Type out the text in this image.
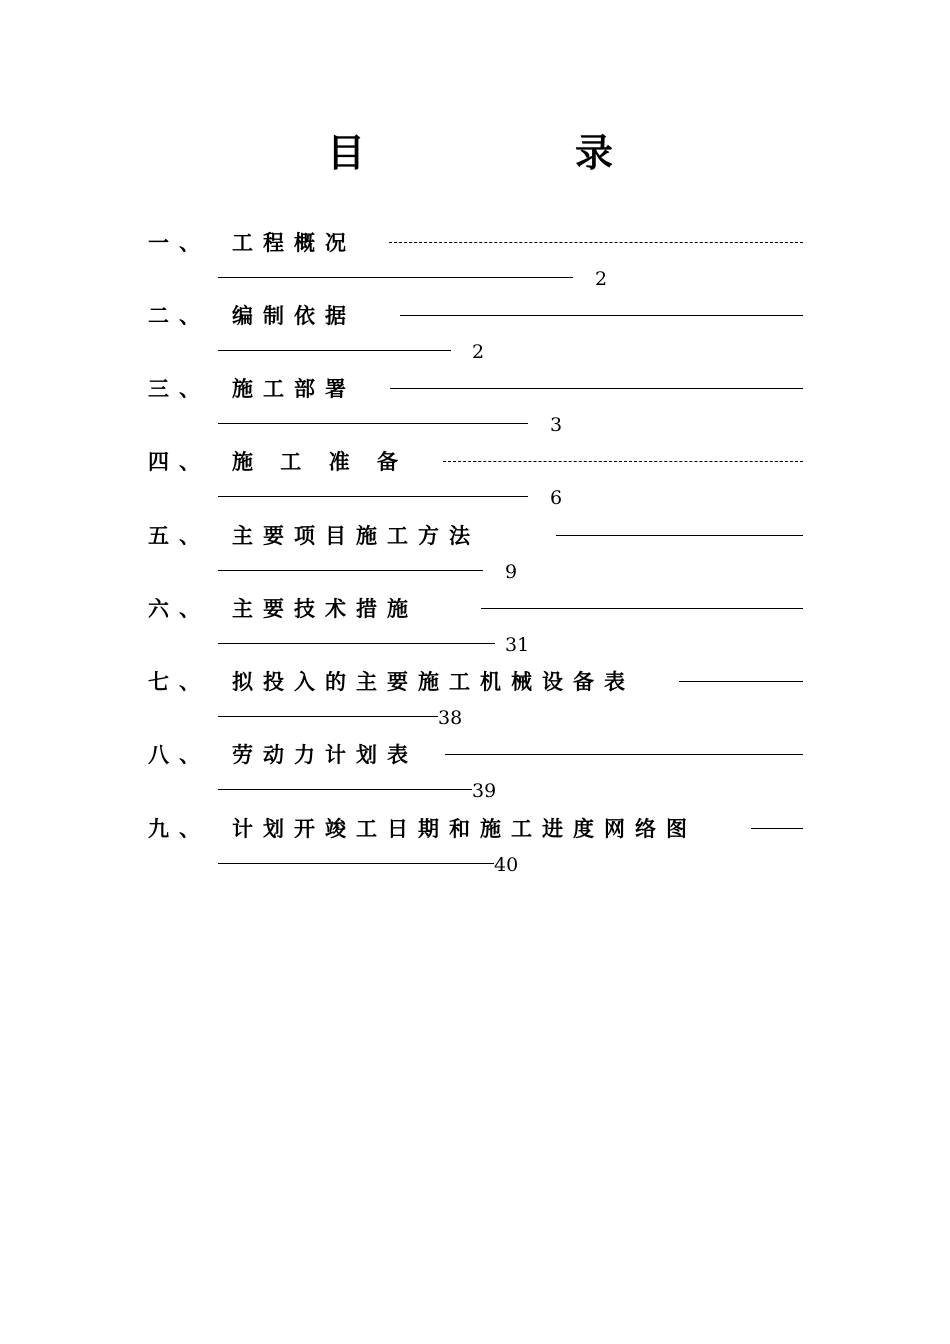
目	录
一、 工程概况
2
二、 编制依据
2
三、 施工部署
3
四、 施 工 准 备
6
五、 主要项目施工方法
9
六、 主要技术措施
31
七、 拟投入的主要施工机械设备表
38
八、 劳动力计划表
39
九、 计划开竣工日期和施工进度网络图
40
